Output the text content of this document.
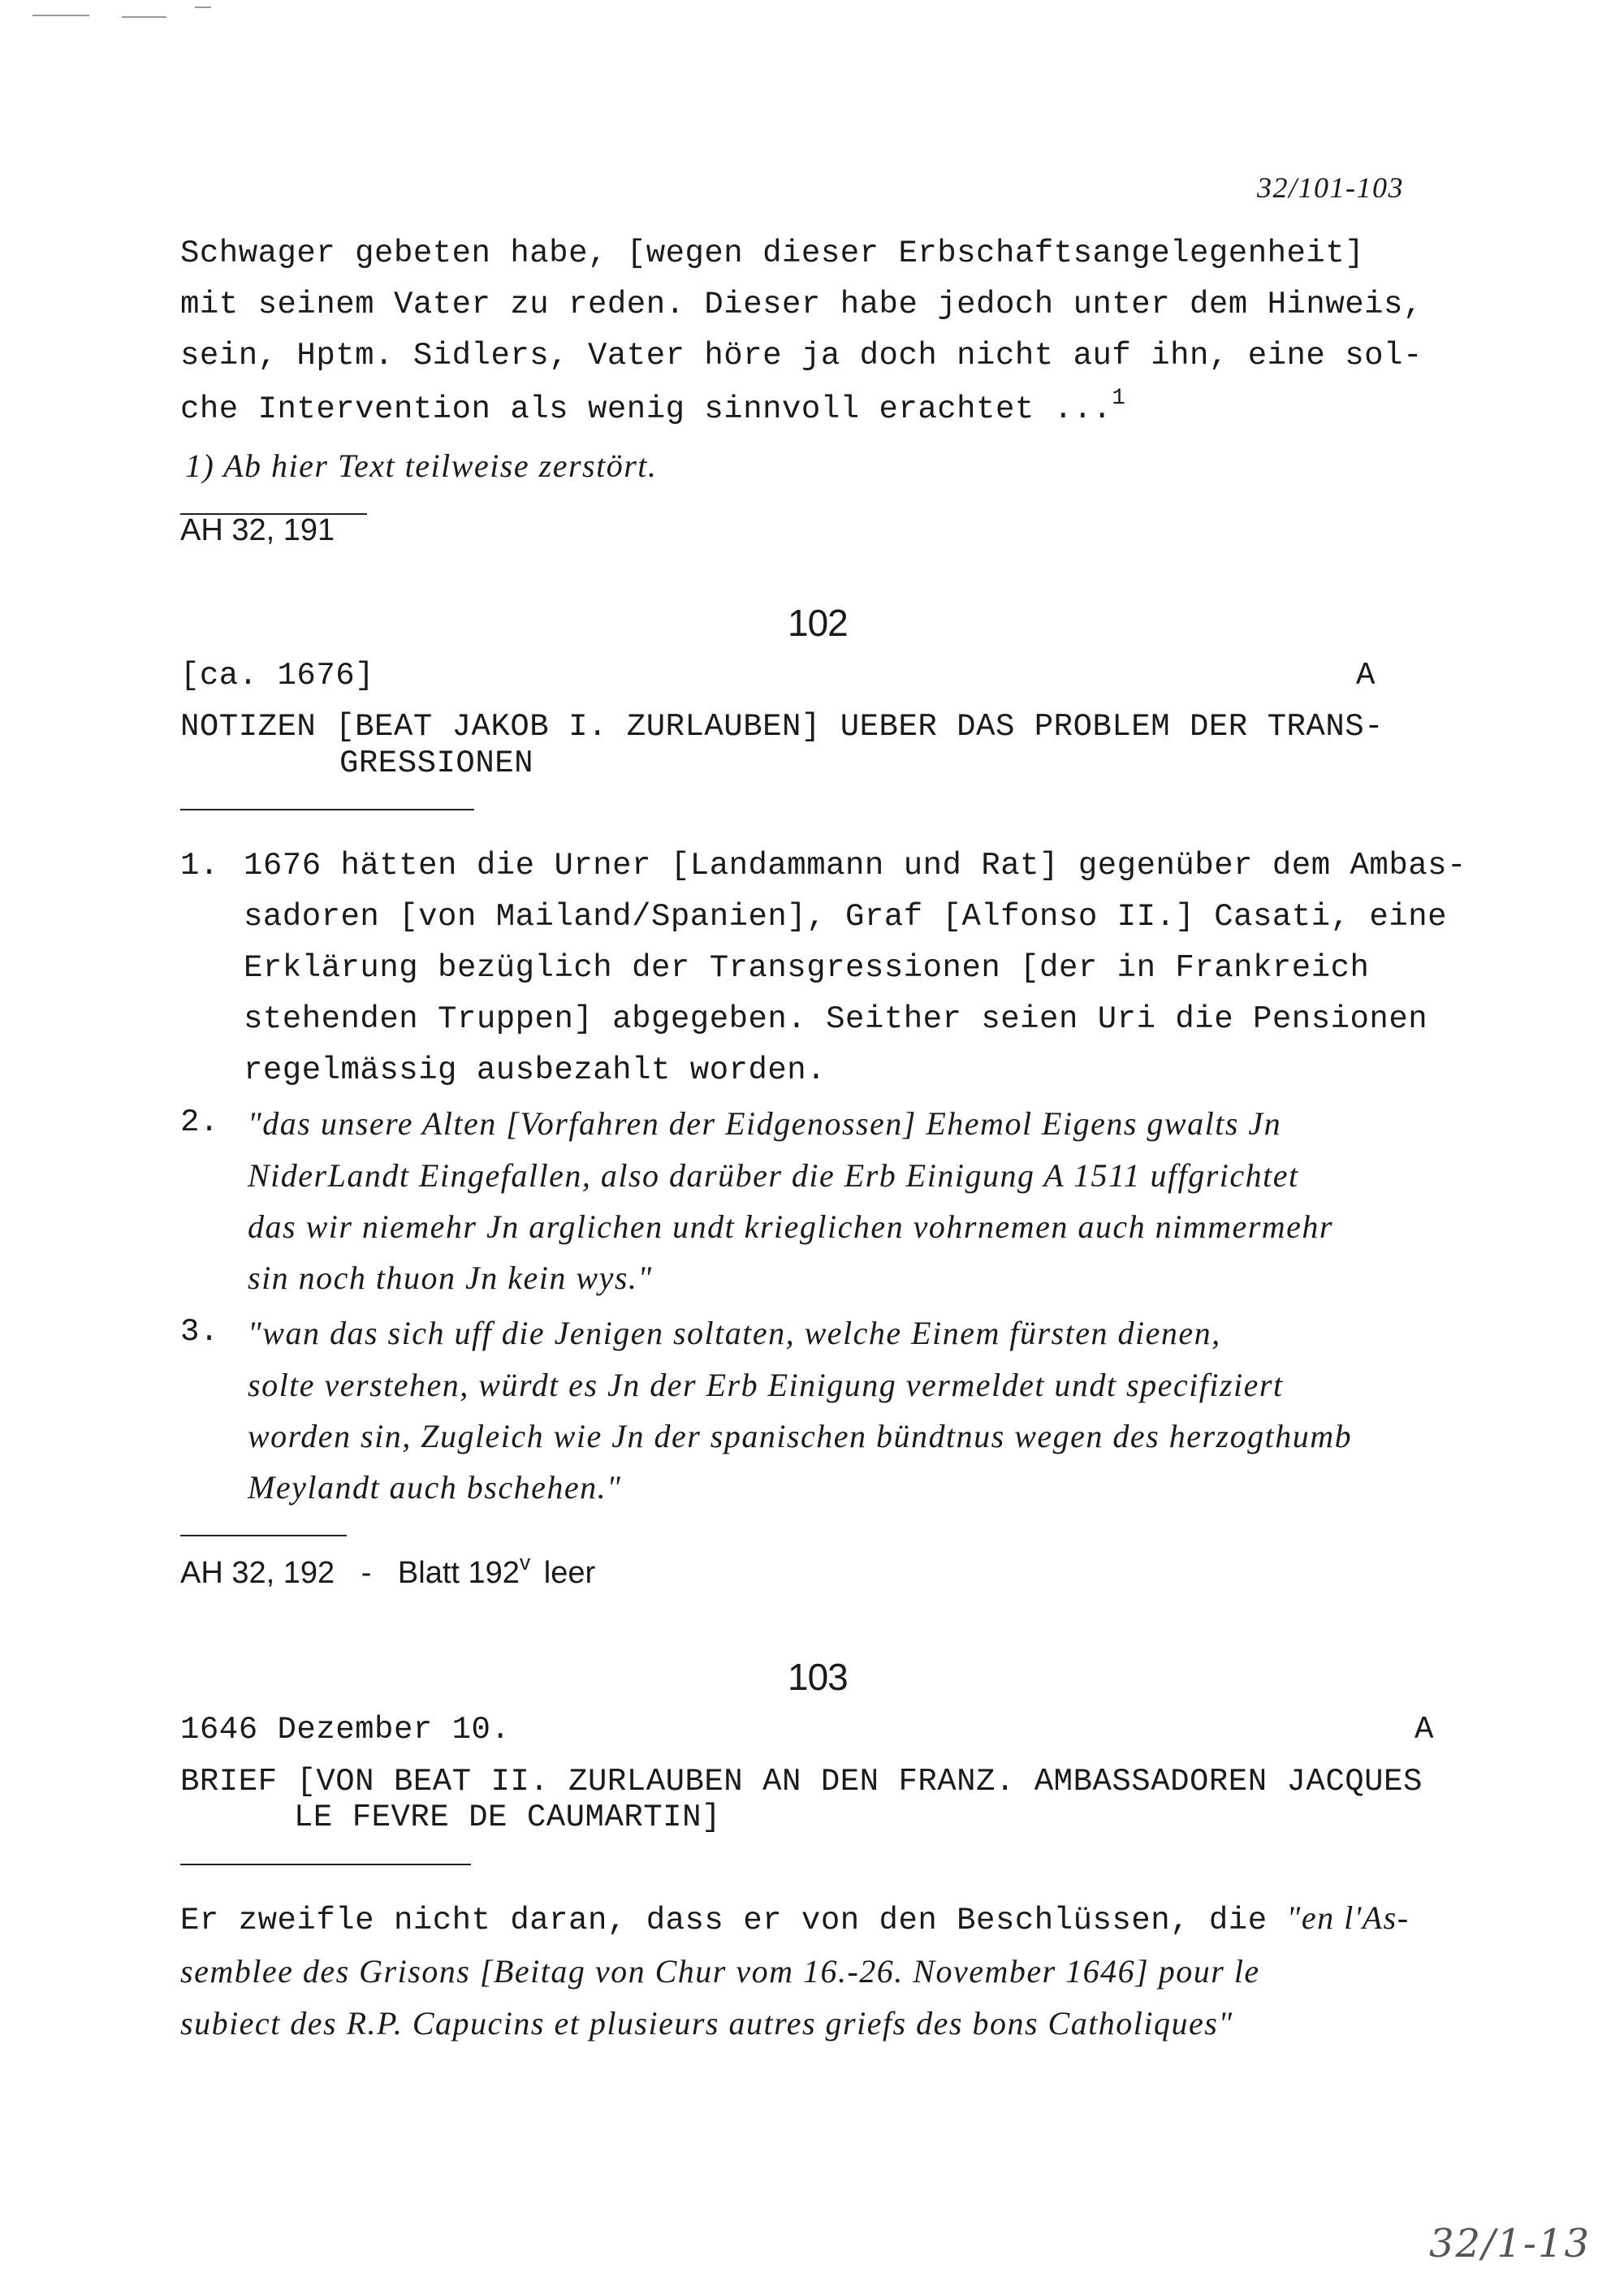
32/101-103
Schwager gebeten habe, [wegen dieser Erbschaftsangelegenheit]
mit seinem Vater zu reden. Dieser habe jedoch unter dem Hinweis,
sein, Hptm. Sidlers, Vater höre ja doch nicht auf ihn, eine sol-
che Intervention als wenig sinnvoll erachtet ...$^1$
1) Ab hier Text teilweise zerstört.
AH 32, 191
102
[ca. 1676]	A
NOTIZEN [BEAT JAKOB I. ZURLAUBEN] UEBER DAS PROBLEM DER TRANS-
GRESSIONEN
1. 1676 hätten die Urner [Landammann und Rat] gegenüber dem Ambas-
sadoren [von Mailand/Spanien], Graf [Alfonso II.] Casati, eine
Erklärung bezüglich der Transgressionen [der in Frankreich
stehenden Truppen] abgegeben. Seither seien Uri die Pensionen
regelmässig ausbezahlt worden.
2. "das unsere Alten [Vorfahren der Eidgenossen] Ehemol Eigens gwalts Jn
NiderLandt Eingefallen, also darüber die Erb Einigung A 1511 uffgrichtet
das wir niemehr Jn arglichen undt krieglichen vohrnemen auch nimmermehr
sin noch thuon Jn kein wys."
3. "wan das sich uff die Jenigen soltaten, welche Einem fürsten dienen,
solte verstehen, würdt es Jn der Erb Einigung vermeldet undt specifiziert
worden sin, Zugleich wie Jn der spanischen bündtnus wegen des herzogthumb
Meylandt auch bschehen."
AH 32, 192 - Blatt 192$^v$ leer
103
1646 Dezember 10.	A
BRIEF [VON BEAT II. ZURLAUBEN AN DEN FRANZ. AMBASSADOREN JACQUES
LE FEVRE DE CAUMARTIN]
Er zweifle nicht daran, dass er von den Beschlüssen, die "en l'As-
semblee des Grisons [Beitag von Chur vom 16.-26. November 1646] pour le
subiect des R.P. Capucins et plusieurs autres griefs des bons Catholiques"
32/1-13
